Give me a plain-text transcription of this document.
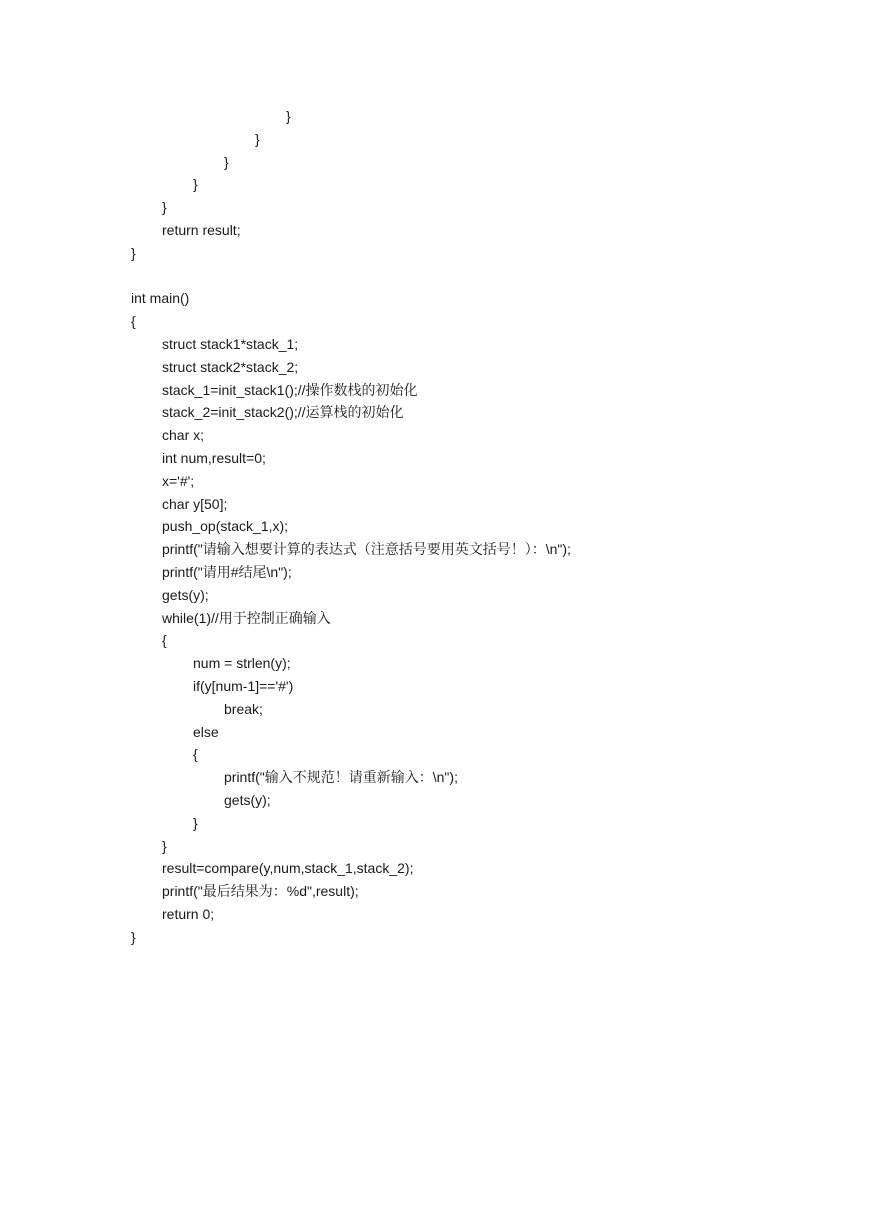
}
}
}
}
}
return result;
}
int main()
{
struct stack1*stack_1;
struct stack2*stack_2;
stack_1=init_stack1();//操作数栈的初始化
stack_2=init_stack2();//运算栈的初始化
char x;
int num,result=0;
x='#';
char y[50];
push_op(stack_1,x);
printf("请输入想要计算的表达式（注意括号要用英文括号！）：\n");
printf("请用#结尾\n");
gets(y);
while(1)//用于控制正确输入
{
num = strlen(y);
if(y[num-1]=='#')
break;
else
{
printf("输入不规范！请重新输入：\n");
gets(y);
}
}
result=compare(y,num,stack_1,stack_2);
printf("最后结果为：%d",result);
return 0;
}
